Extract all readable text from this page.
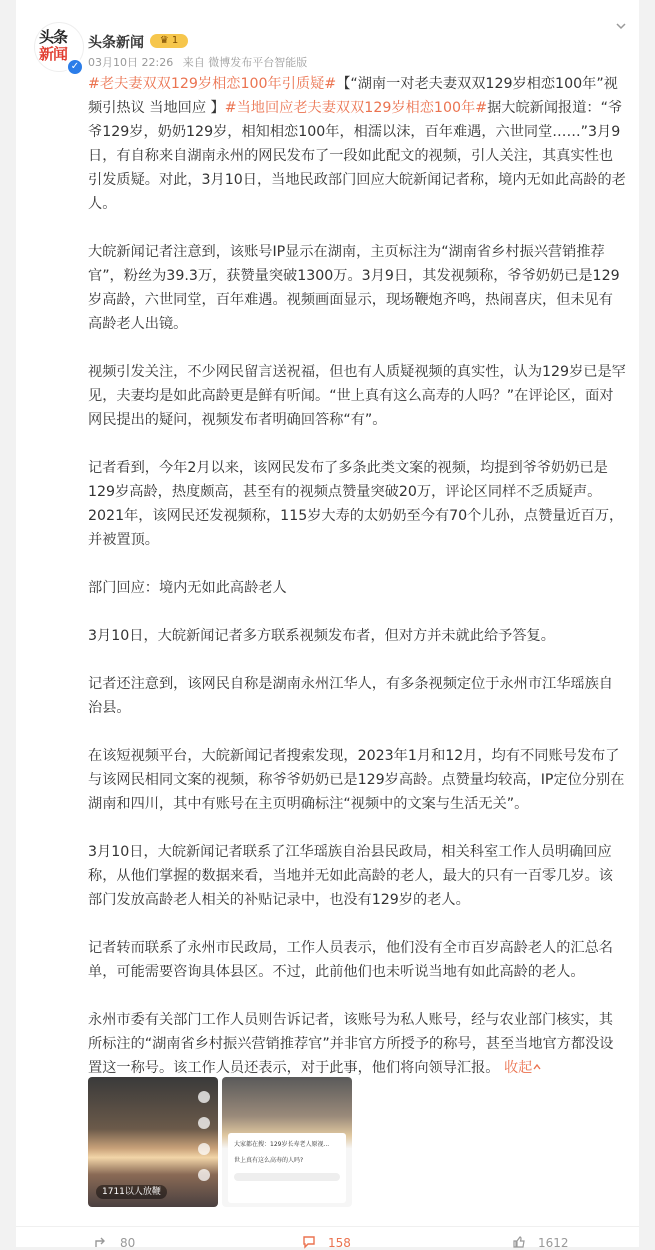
头条
新闻
✓
头条新闻	♛ 1
03月10日 22:26 来自 微博发布平台智能版

#老夫妻双双129岁相恋100年引质疑#【“湖南一对老夫妻双双129岁相恋100年”视频引热议 当地回应 】#当地回应老夫妻双双129岁相恋100年#据大皖新闻报道：“爷爷129岁，奶奶129岁，相知相恋100年，相濡以沫，百年难遇，六世同堂……”3月9日，有自称来自湖南永州的网民发布了一段如此配文的视频，引人关注，其真实性也引发质疑。对此，3月10日，当地民政部门回应大皖新闻记者称，境内无如此高龄的老人。

大皖新闻记者注意到，该账号IP显示在湖南，主页标注为“湖南省乡村振兴营销推荐官”，粉丝为39.3万，获赞量突破1300万。3月9日，其发视频称，爷爷奶奶已是129岁高龄，六世同堂，百年难遇。视频画面显示，现场鞭炮齐鸣，热闹喜庆，但未见有高龄老人出镜。

视频引发关注，不少网民留言送祝福，但也有人质疑视频的真实性，认为129岁已是罕见，夫妻均是如此高龄更是鲜有听闻。“世上真有这么高寿的人吗？”在评论区，面对网民提出的疑问，视频发布者明确回答称“有”。

记者看到，今年2月以来，该网民发布了多条此类文案的视频，均提到爷爷奶奶已是129岁高龄，热度颇高，甚至有的视频点赞量突破20万，评论区同样不乏质疑声。2021年，该网民还发视频称，115岁大寿的太奶奶至今有70个儿孙，点赞量近百万，并被置顶。

部门回应：境内无如此高龄老人

3月10日，大皖新闻记者多方联系视频发布者，但对方并未就此给予答复。

记者还注意到，该网民自称是湖南永州江华人，有多条视频定位于永州市江华瑶族自治县。

在该短视频平台，大皖新闻记者搜索发现，2023年1月和12月，均有不同账号发布了与该网民相同文案的视频，称爷爷奶奶已是129岁高龄。点赞量均较高，IP定位分别在湖南和四川，其中有账号在主页明确标注“视频中的文案与生活无关”。

3月10日，大皖新闻记者联系了江华瑶族自治县民政局，相关科室工作人员明确回应称，从他们掌握的数据来看，当地并无如此高龄的老人，最大的只有一百零几岁。该部门发放高龄老人相关的补贴记录中，也没有129岁的老人。

记者转而联系了永州市民政局，工作人员表示，他们没有全市百岁高龄老人的汇总名单，可能需要咨询具体县区。不过，此前他们也未听说当地有如此高龄的老人。

永州市委有关部门工作人员则告诉记者，该账号为私人账号，经与农业部门核实，其所标注的“湖南省乡村振兴营销推荐官”并非官方所授予的称号，甚至当地官方都没设置这一称号。该工作人员还表示，对于此事，他们将向领导汇报。 收起

1711以人放鞭
大家都在搜：129岁长寿老人原视...
世上真有这么高寿的人吗?
80	158	1612
